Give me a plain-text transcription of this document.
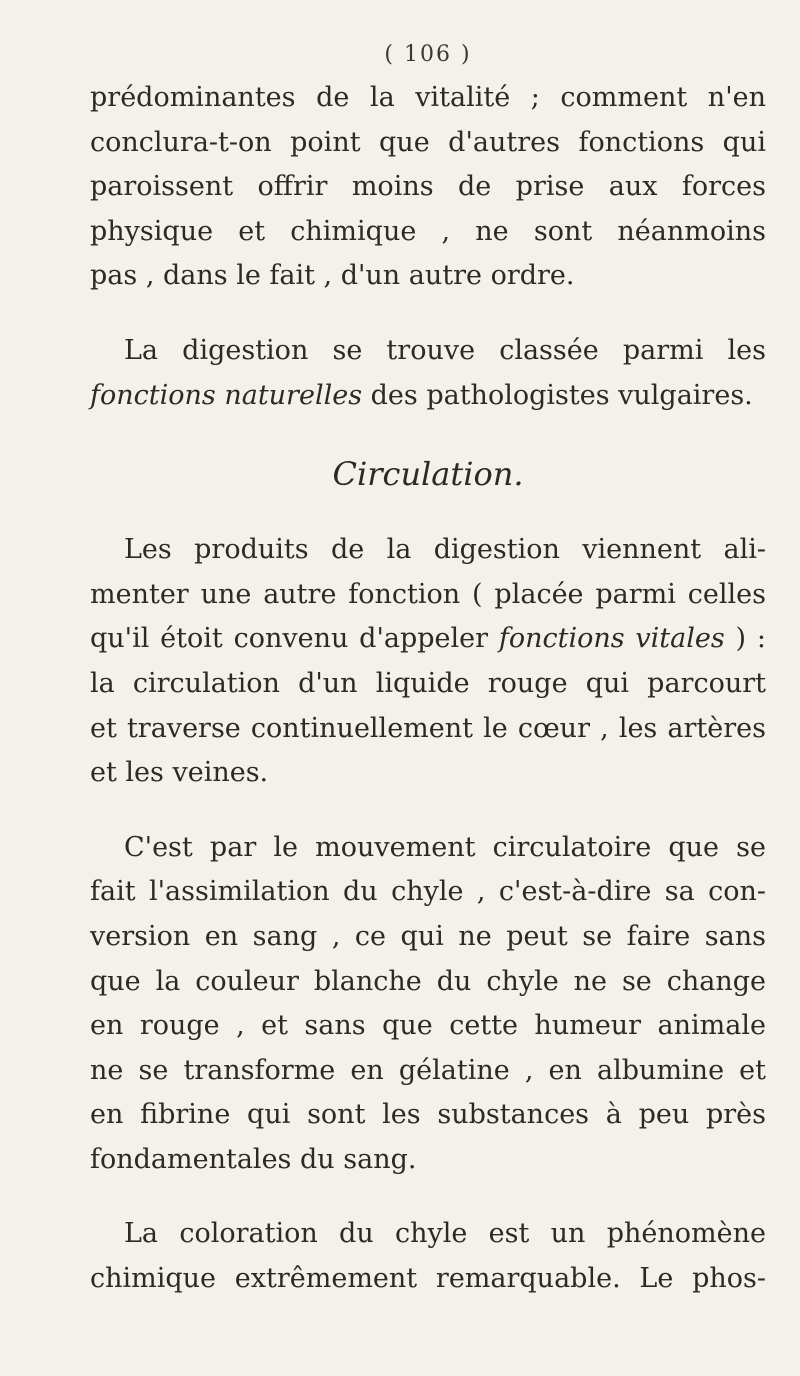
( 106 )
prédominantes de la vitalité ; comment n'en
conclura-t-on point que d'autres fonctions qui
paroissent offrir moins de prise aux forces
physique et chimique , ne sont néanmoins
pas , dans le fait , d'un autre ordre.
La digestion se trouve classée parmi les
fonctions naturelles des pathologistes vulgaires.
Circulation.
Les produits de la digestion viennent ali-
menter une autre fonction ( placée parmi celles
qu'il étoit convenu d'appeler fonctions vitales ) :
la circulation d'un liquide rouge qui parcourt
et traverse continuellement le cœur , les artères
et les veines.
C'est par le mouvement circulatoire que se
fait l'assimilation du chyle , c'est-à-dire sa con-
version en sang , ce qui ne peut se faire sans
que la couleur blanche du chyle ne se change
en rouge , et sans que cette humeur animale
ne se transforme en gélatine , en albumine et
en fibrine qui sont les substances à peu près
fondamentales du sang.
La coloration du chyle est un phénomène
chimique extrêmement remarquable. Le phos-
